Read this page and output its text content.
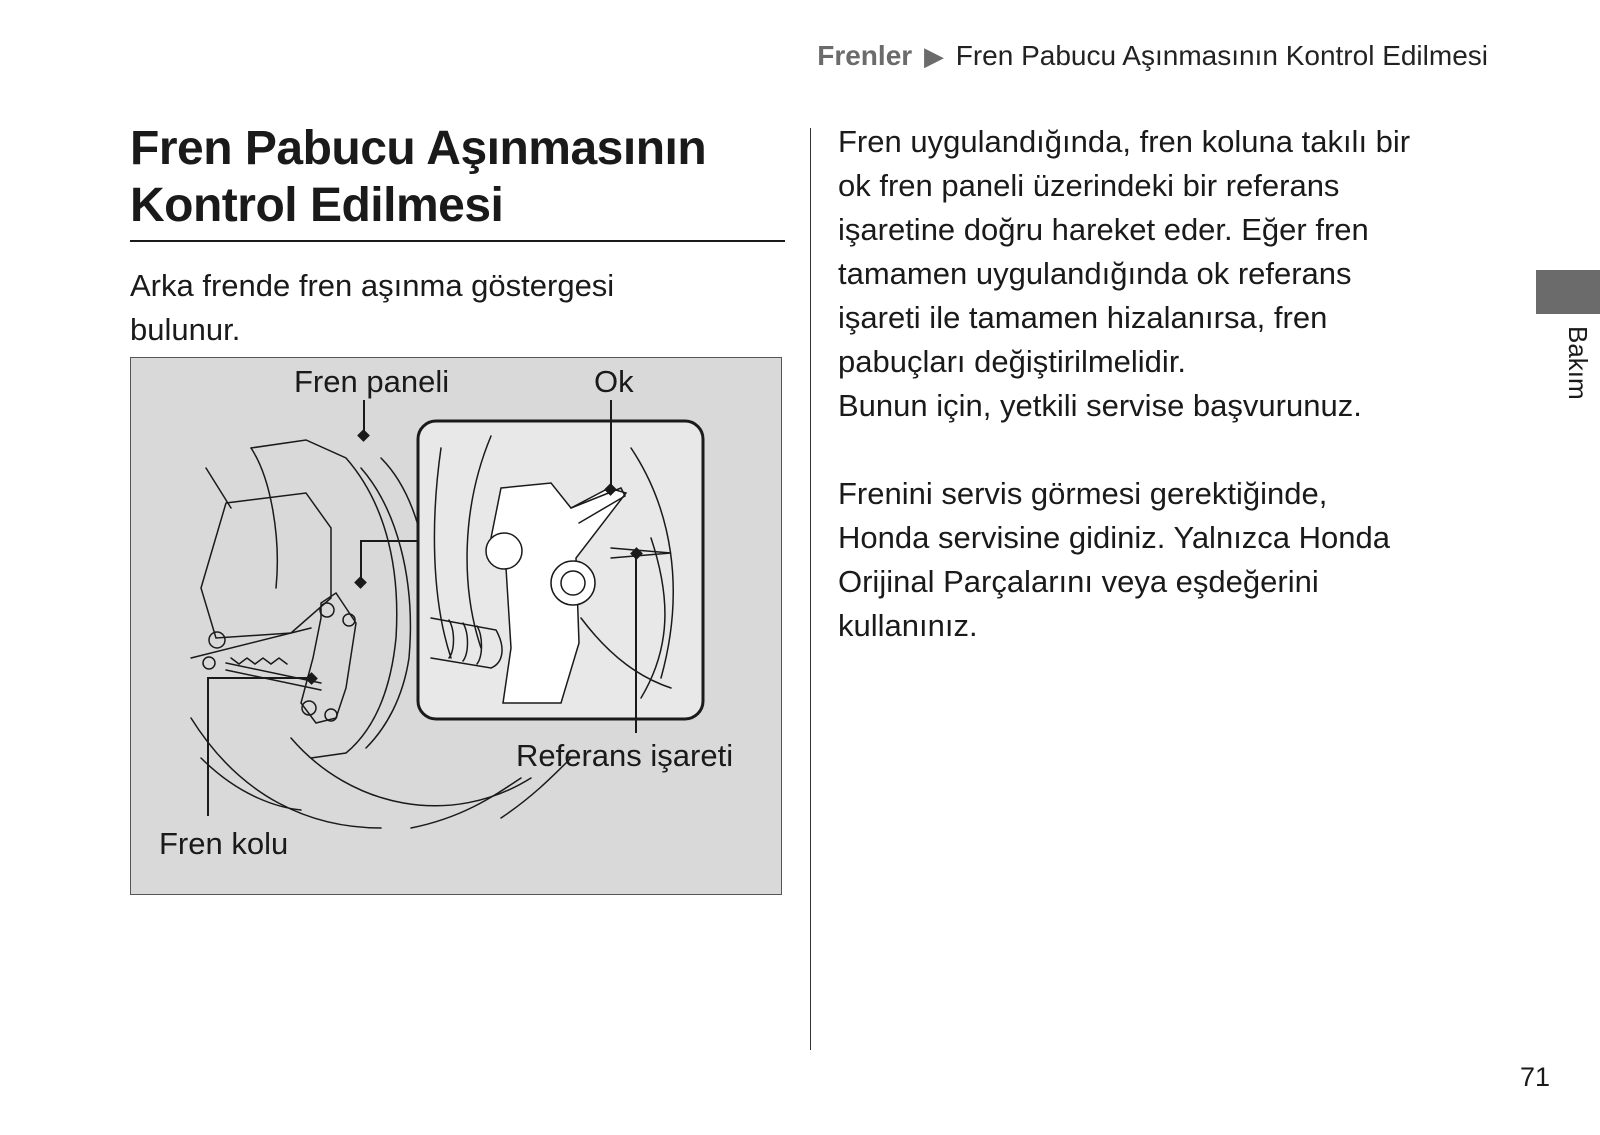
Frenler ▶ Fren Pabucu Aşınmasının Kontrol Edilmesi
Fren Pabucu Aşınmasının
Kontrol Edilmesi

Arka frende fren aşınma göstergesi
bulunur.

Fren paneli	Ok
Referans işareti
Fren kolu

Fren uygulandığında, fren koluna takılı bir
ok fren paneli üzerindeki bir referans
işaretine doğru hareket eder. Eğer fren
tamamen uygulandığında ok referans
işareti ile tamamen hizalanırsa, fren
pabuçları değiştirilmelidir.
Bunun için, yetkili servise başvurunuz.

Frenini servis görmesi gerektiğinde,
Honda servisine gidiniz. Yalnızca Honda
Orijinal Parçalarını veya eşdeğerini
kullanınız.

Bakım
71
